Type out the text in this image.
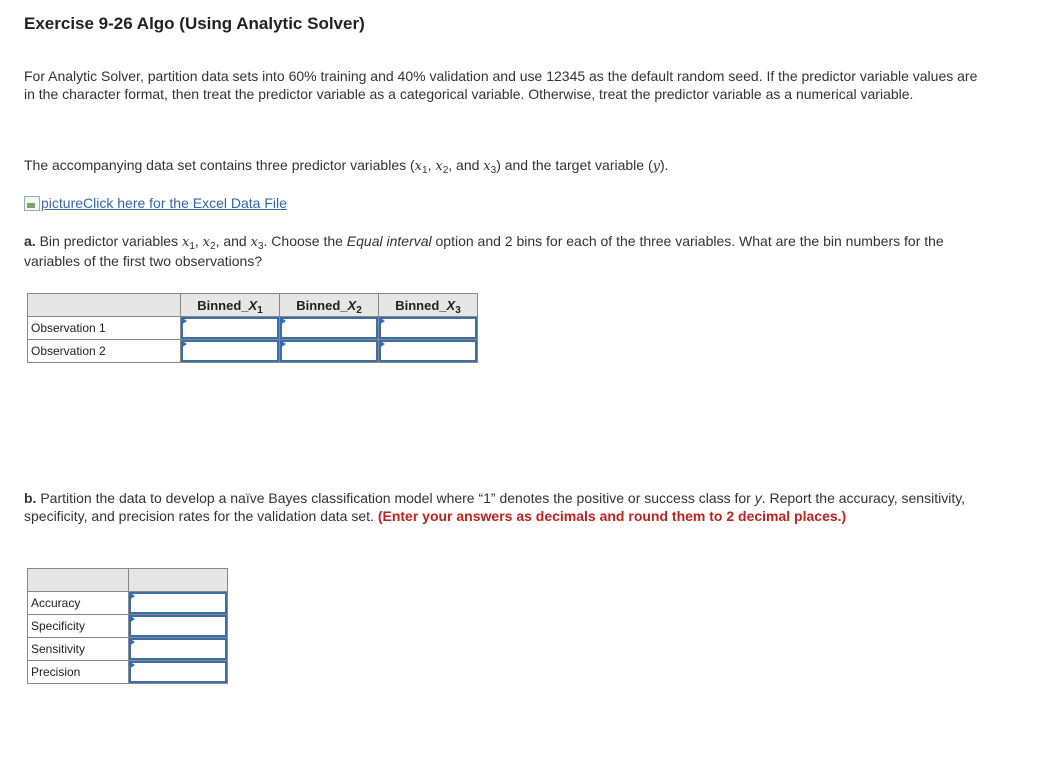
Exercise 9-26 Algo (Using Analytic Solver)
For Analytic Solver, partition data sets into 60% training and 40% validation and use 12345 as the default random seed. If the predictor variable values are in the character format, then treat the predictor variable as a categorical variable. Otherwise, treat the predictor variable as a numerical variable.
The accompanying data set contains three predictor variables ($x_1$, $x_2$, and $x_3$) and the target variable (y).
picture Click here for the Excel Data File
a. Bin predictor variables $x_1$, $x_2$, and $x_3$. Choose the Equal interval option and 2 bins for each of the three variables. What are the bin numbers for the variables of the first two observations?
	$Binned\_X_1$	$Binned\_X_2$	$Binned\_X_3$
Observation 1	

Observation 2	

b. Partition the data to develop a naïve Bayes classification model where “1” denotes the positive or success class for y. Report the accuracy, sensitivity, specificity, and precision rates for the validation data set. (Enter your answers as decimals and round them to 2 decimal places.)

Accuracy	

Specificity	

Sensitivity	

Precision	
